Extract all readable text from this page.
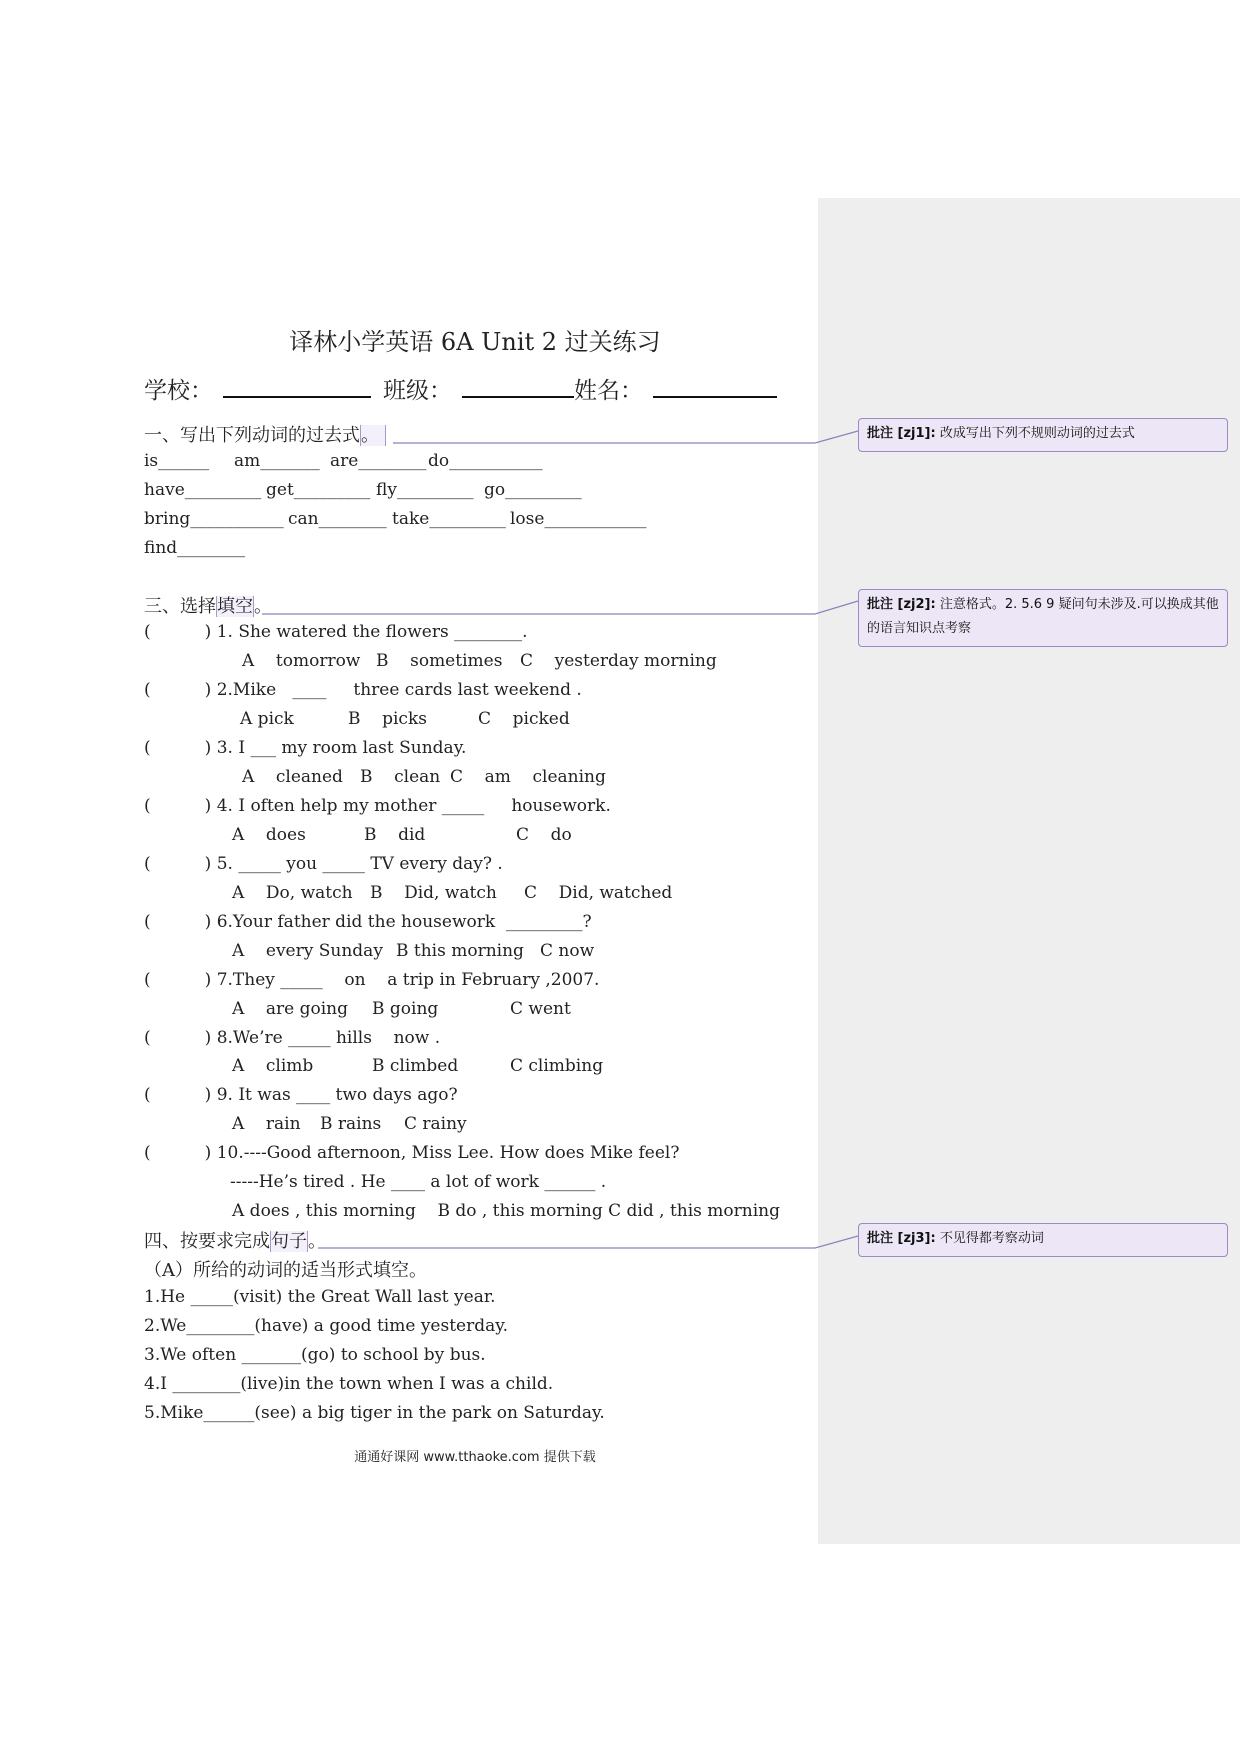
译林小学英语 6A Unit 2 过关练习
学校：	班级：	姓名：
一、写出下列动词的过去式。
is______ am_______ are________ do___________
have_________ get_________ fly_________ go_________
bring___________ can________ take_________ lose____________
find________
三、选择填空。
(          ) 1. She watered the flowers ________.
A    tomorrow B    sometimes C    yesterday morning
(          ) 2.Mike   ____     three cards last weekend .
A pick	B    picks	C    picked
(          ) 3. I ___ my room last Sunday.
A    cleaned B    clean C    am    cleaning
(          ) 4. I often help my mother _____     housework.
A    does	B    did	C    do
(          ) 5. _____ you _____ TV every day? .
A    Do, watch B    Did, watch C    Did, watched
(          ) 6.Your father did the housework  _________?
A    every Sunday B this morning C now
(          ) 7.They _____    on    a trip in February ,2007.
A    are going B going	C went
(          ) 8.We’re _____ hills    now .
A    climb	B climbed	C climbing
(          ) 9. It was ____ two days ago?
A    rain B rains C rainy
(          ) 10.----Good afternoon, Miss Lee. How does Mike feel?
-----He’s tired . He ____ a lot of work ______ .
A does , this morning    B do , this morning C did , this morning
四、按要求完成句子。
（A）所给的动词的适当形式填空。
1.He _____(visit) the Great Wall last year.
2.We________(have) a good time yesterday.
3.We often _______(go) to school by bus.
4.I ________(live)in the town when I was a child.
5.Mike______(see) a big tiger in the park on Saturday.
通通好课网 www.tthaoke.com 提供下载
批注 [zj1]: 改成写出下列不规则动词的过去式
批注 [zj2]: 注意格式。2. 5.6 9 疑问句未涉及.可以换成其他的语言知识点考察
批注 [zj3]: 不见得都考察动词
